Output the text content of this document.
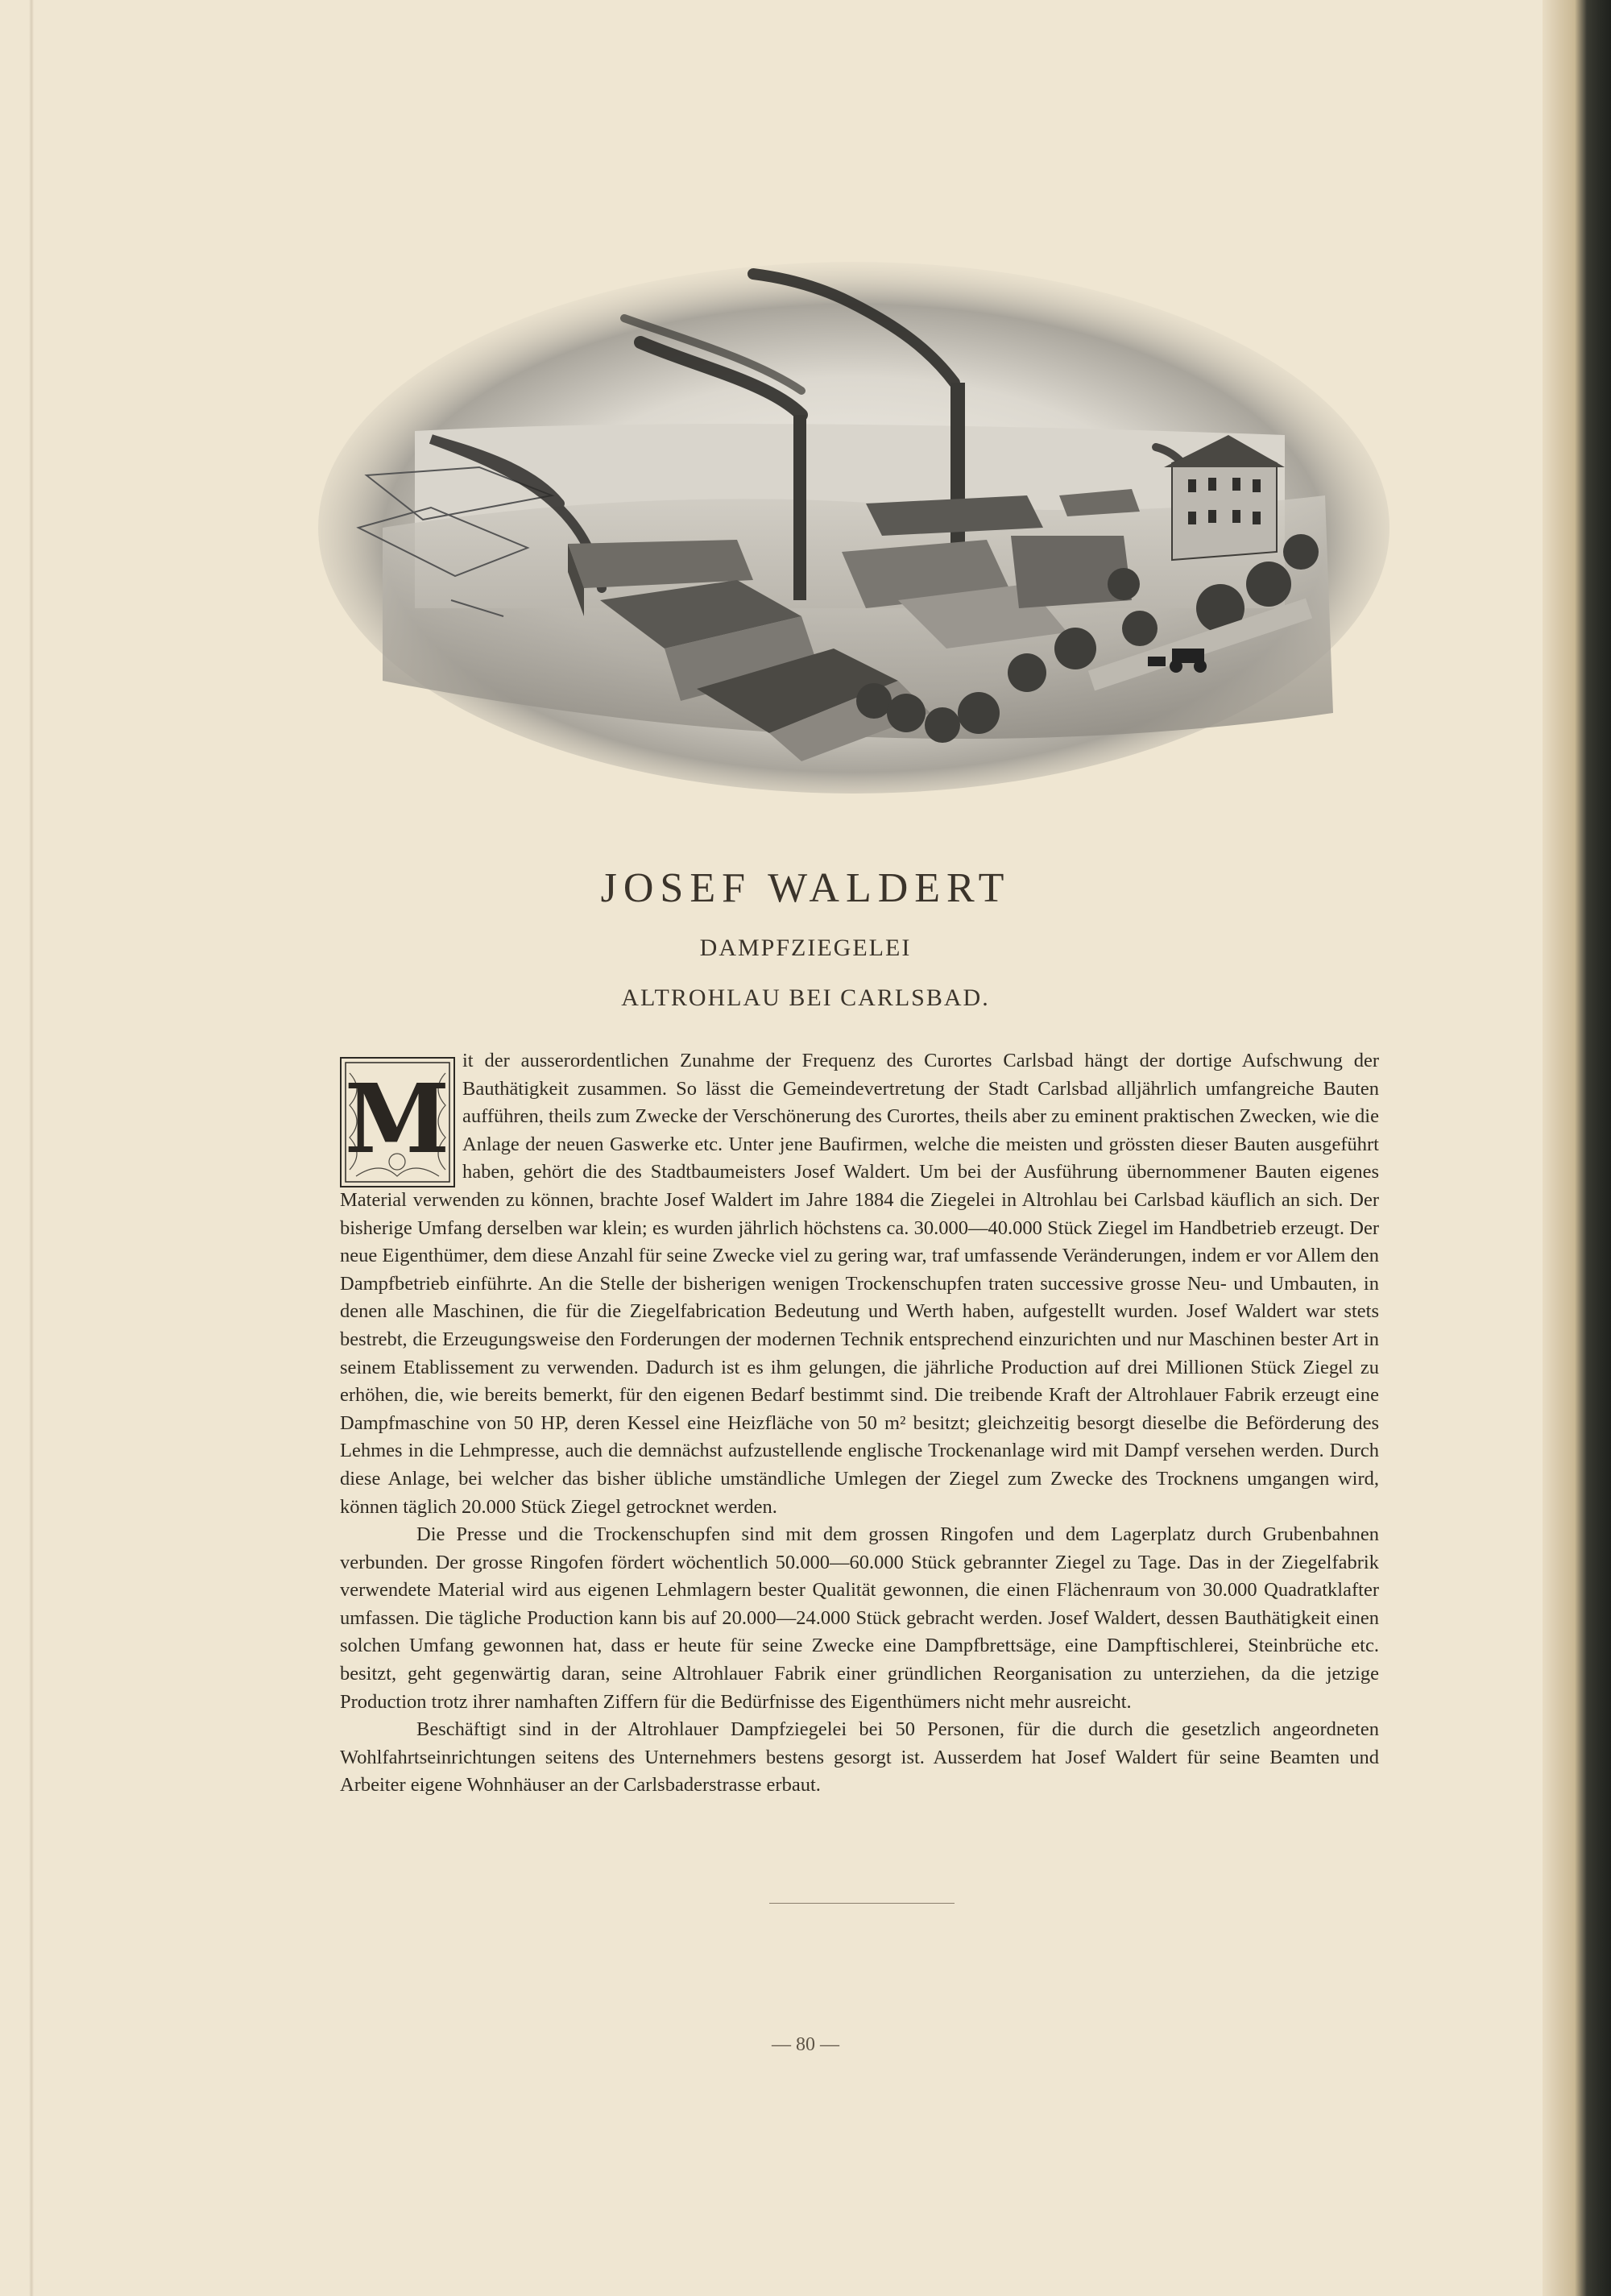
JOSEF WALDERT
DAMPFZIEGELEI
ALTROHLAU BEI CARLSBAD.
M

it der ausserordentlichen Zunahme der Frequenz des Curortes Carlsbad hängt der dortige Aufschwung der Bauthätigkeit zusammen. So lässt die Gemeindevertretung der Stadt Carlsbad alljährlich umfangreiche Bauten aufführen, theils zum Zwecke der Verschönerung des Curortes, theils aber zu eminent praktischen Zwecken, wie die Anlage der neuen Gaswerke etc. Unter jene Baufirmen, welche die meisten und grössten dieser Bauten ausgeführt haben, gehört die des Stadtbaumeisters Josef Waldert. Um bei der Ausführung übernommener Bauten eigenes Material verwenden zu können, brachte Josef Waldert im Jahre 1884 die Ziegelei in Altrohlau bei Carlsbad käuflich an sich. Der bisherige Umfang derselben war klein; es wurden jährlich höchstens ca. 30.000—40.000 Stück Ziegel im Handbetrieb erzeugt. Der neue Eigenthümer, dem diese Anzahl für seine Zwecke viel zu gering war, traf umfassende Veränderungen, indem er vor Allem den Dampfbetrieb einführte. An die Stelle der bisherigen wenigen Trockenschupfen traten successive grosse Neu- und Umbauten, in denen alle Maschinen, die für die Ziegelfabrication Bedeutung und Werth haben, aufgestellt wurden. Josef Waldert war stets bestrebt, die Erzeugungsweise den Forderungen der modernen Technik entsprechend einzurichten und nur Maschinen bester Art in seinem Etablissement zu verwenden. Dadurch ist es ihm gelungen, die jährliche Production auf drei Millionen Stück Ziegel zu erhöhen, die, wie bereits bemerkt, für den eigenen Bedarf bestimmt sind. Die treibende Kraft der Altrohlauer Fabrik erzeugt eine Dampfmaschine von 50 HP, deren Kessel eine Heizfläche von 50 m² besitzt; gleichzeitig besorgt dieselbe die Beförderung des Lehmes in die Lehmpresse, auch die demnächst aufzustellende englische Trockenanlage wird mit Dampf versehen werden. Durch diese Anlage, bei welcher das bisher übliche umständliche Umlegen der Ziegel zum Zwecke des Trocknens umgangen wird, können täglich 20.000 Stück Ziegel getrocknet werden.

Die Presse und die Trockenschupfen sind mit dem grossen Ringofen und dem Lagerplatz durch Grubenbahnen verbunden. Der grosse Ringofen fördert wöchentlich 50.000—60.000 Stück gebrannter Ziegel zu Tage. Das in der Ziegelfabrik verwendete Material wird aus eigenen Lehmlagern bester Qualität gewonnen, die einen Flächenraum von 30.000 Quadratklafter umfassen. Die tägliche Production kann bis auf 20.000—24.000 Stück gebracht werden. Josef Waldert, dessen Bauthätigkeit einen solchen Umfang gewonnen hat, dass er heute für seine Zwecke eine Dampfbrettsäge, eine Dampftischlerei, Steinbrüche etc. besitzt, geht gegenwärtig daran, seine Altrohlauer Fabrik einer gründlichen Reorganisation zu unterziehen, da die jetzige Production trotz ihrer namhaften Ziffern für die Bedürfnisse des Eigenthümers nicht mehr ausreicht.

Beschäftigt sind in der Altrohlauer Dampfziegelei bei 50 Personen, für die durch die gesetzlich angeordneten Wohlfahrtseinrichtungen seitens des Unternehmers bestens gesorgt ist. Ausserdem hat Josef Waldert für seine Beamten und Arbeiter eigene Wohnhäuser an der Carlsbaderstrasse erbaut.

— 80 —
